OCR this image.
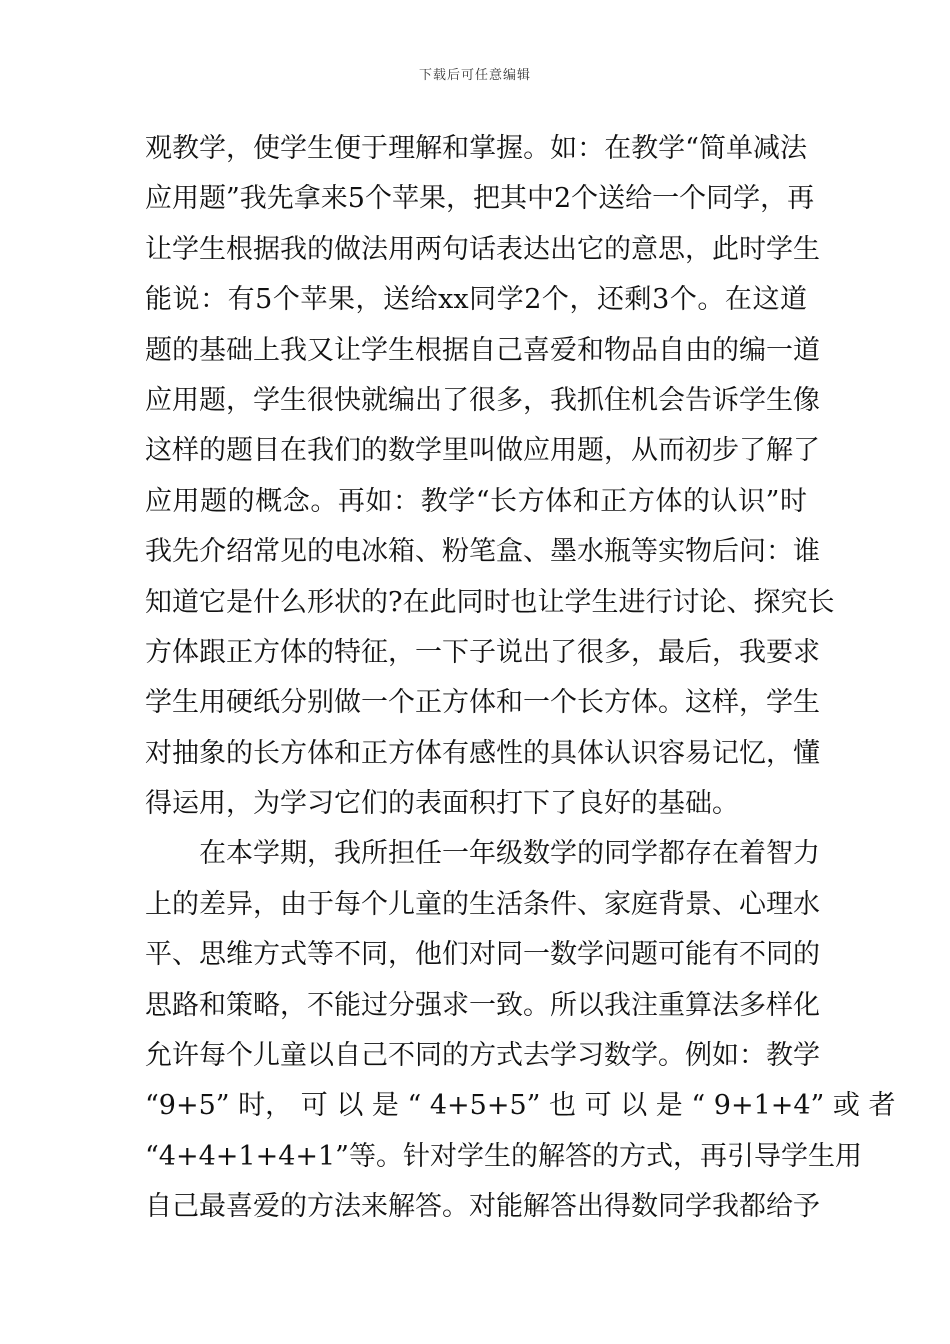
下载后可任意编辑
观教学，使学生便于理解和掌握。如：在教学“简单减法
应用题”我先拿来5个苹果，把其中2个送给一个同学，再
让学生根据我的做法用两句话表达出它的意思，此时学生
能说：有5个苹果，送给xx同学2个，还剩3个。在这道
题的基础上我又让学生根据自己喜爱和物品自由的编一道
应用题，学生很快就编出了很多，我抓住机会告诉学生像
这样的题目在我们的数学里叫做应用题，从而初步了解了
应用题的概念。再如：教学“长方体和正方体的认识”时
我先介绍常见的电冰箱、粉笔盒、墨水瓶等实物后问：谁
知道它是什么形状的?在此同时也让学生进行讨论、探究长
方体跟正方体的特征，一下子说出了很多，最后，我要求
学生用硬纸分别做一个正方体和一个长方体。这样，学生
对抽象的长方体和正方体有感性的具体认识容易记忆，懂
得运用，为学习它们的表面积打下了良好的基础。
在本学期，我所担任一年级数学的同学都存在着智力
上的差异，由于每个儿童的生活条件、家庭背景、心理水
平、思维方式等不同，他们对同一数学问题可能有不同的
思路和策略，不能过分强求一致。所以我注重算法多样化
允许每个儿童以自己不同的方式去学习数学。例如：教学
“9+5” 时， 可 以 是 “ 4+5+5” 也 可 以 是 “ 9+1+4” 或 者
“4+4+1+4+1”等。针对学生的解答的方式，再引导学生用
自己最喜爱的方法来解答。对能解答出得数同学我都给予
